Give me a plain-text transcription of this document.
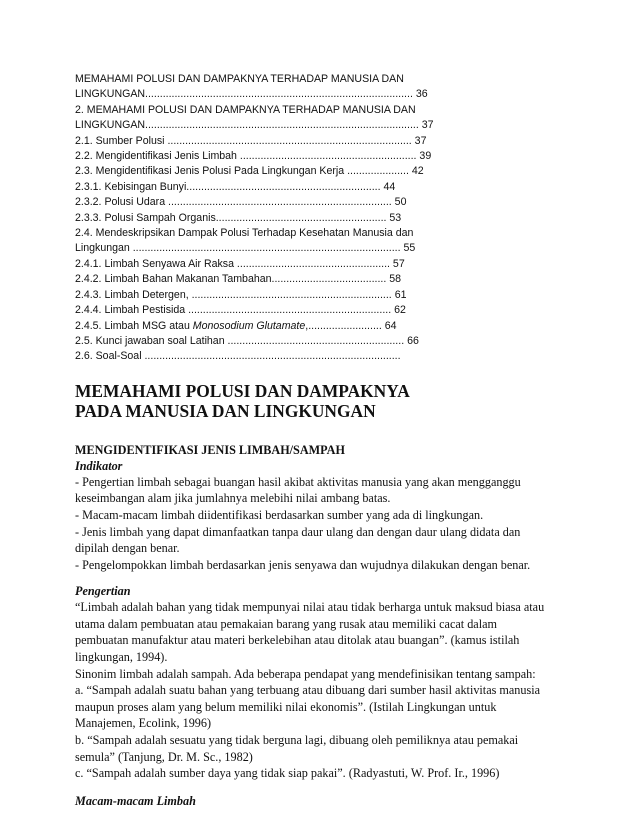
MEMAHAMI POLUSI DAN DAMPAKNYA TERHADAP MANUSIA DAN
LINGKUNGAN........................................................................................... 36
2. MEMAHAMI POLUSI DAN DAMPAKNYA TERHADAP MANUSIA DAN
LINGKUNGAN............................................................................................. 37
2.1. Sumber Polusi ................................................................................... 37
2.2. Mengidentifikasi Jenis Limbah ............................................................ 39
2.3. Mengidentifikasi Jenis Polusi Pada Lingkungan Kerja ..................... 42
2.3.1. Kebisingan Bunyi.................................................................. 44
2.3.2. Polusi Udara ............................................................................ 50
2.3.3. Polusi Sampah Organis.......................................................... 53
2.4. Mendeskripsikan Dampak Polusi Terhadap Kesehatan Manusia dan
Lingkungan ........................................................................................... 55
2.4.1. Limbah Senyawa Air Raksa .................................................... 57
2.4.2. Limbah Bahan Makanan Tambahan....................................... 58
2.4.3. Limbah Detergen, .................................................................... 61
2.4.4. Limbah Pestisida ..................................................................... 62
2.4.5. Limbah MSG atau Monosodium Glutamate,......................... 64
2.5. Kunci jawaban soal Latihan ............................................................ 66
2.6. Soal-Soal .......................................................................................
MEMAHAMI POLUSI DAN DAMPAKNYA
PADA MANUSIA DAN LINGKUNGAN
MENGIDENTIFIKASI JENIS LIMBAH/SAMPAH
Indikator
- Pengertian limbah sebagai buangan hasil akibat aktivitas manusia yang akan mengganggu
keseimbangan alam jika jumlahnya melebihi nilai ambang batas.
- Macam-macam limbah diidentifikasi berdasarkan sumber yang ada di lingkungan.
- Jenis limbah yang dapat dimanfaatkan tanpa daur ulang dan dengan daur ulang didata dan
dipilah dengan benar.
- Pengelompokkan limbah berdasarkan jenis senyawa dan wujudnya dilakukan dengan benar.
Pengertian
“Limbah adalah bahan yang tidak mempunyai nilai atau tidak berharga untuk maksud biasa atau
utama dalam pembuatan atau pemakaian barang yang rusak atau memiliki cacat dalam
pembuatan manufaktur atau materi berkelebihan atau ditolak atau buangan”. (kamus istilah
lingkungan, 1994).
Sinonim limbah adalah sampah. Ada beberapa pendapat yang mendefinisikan tentang sampah:
a. “Sampah adalah suatu bahan yang terbuang atau dibuang dari sumber hasil aktivitas manusia
maupun proses alam yang belum memiliki nilai ekonomis”. (Istilah Lingkungan untuk
Manajemen, Ecolink, 1996)
b. “Sampah adalah sesuatu yang tidak berguna lagi, dibuang oleh pemiliknya atau pemakai
semula” (Tanjung, Dr. M. Sc., 1982)
c. “Sampah adalah sumber daya yang tidak siap pakai”. (Radyastuti, W. Prof. Ir., 1996)
Macam-macam Limbah
